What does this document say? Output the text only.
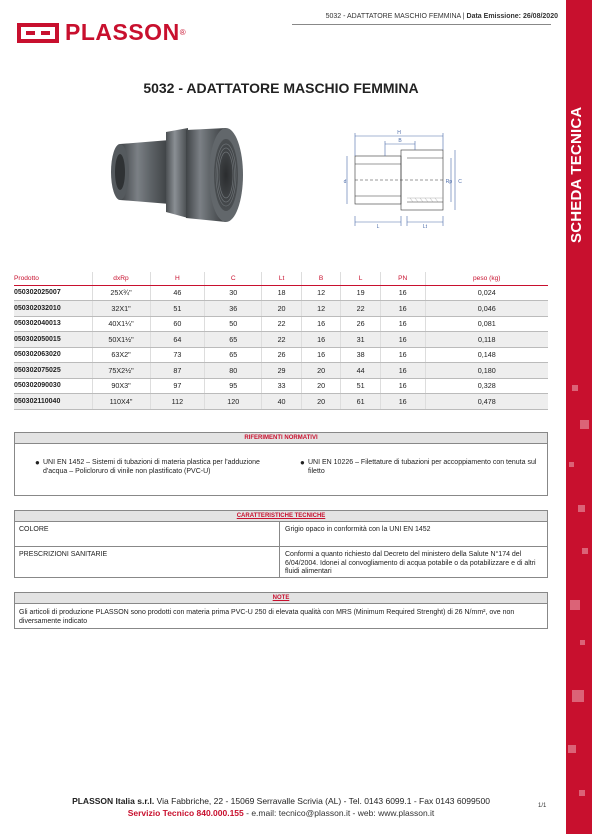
SCHEDA TECNICA
PLASSON ®
5032 - ADATTATORE MASCHIO FEMMINA | Data Emissione: 26/08/2020
5032 - ADATTATORE MASCHIO FEMMINA
H
B
d	Rp C
L	Lt
Prodotto	dxRp	H	C	Lt	B	L	PN	peso (kg)
050302025007	25X¾"	46	30	18	12	19	16	0,024
050302032010	32X1"	51	36	20	12	22	16	0,046
050302040013	40X1¼"	60	50	22	16	26	16	0,081
050302050015	50X1½"	64	65	22	16	31	16	0,118
050302063020	63X2"	73	65	26	16	38	16	0,148
050302075025	75X2½"	87	80	29	20	44	16	0,180
050302090030	90X3"	97	95	33	20	51	16	0,328
050302110040	110X4"	112	120	40	20	61	16	0,478
RIFERIMENTI NORMATIVI
● UNI EN 1452 – Sistemi di tubazioni di materia plastica per l'adduzione d'acqua – Policloruro di vinile non plastificato (PVC-U)
● UNI EN 10226 – Filettature di tubazioni per accoppiamento con tenuta sul filetto
CARATTERISTICHE TECNICHE
COLORE	Grigio opaco in conformità con la UNI EN 1452
PRESCRIZIONI SANITARIE	Conformi a quanto richiesto dal Decreto del ministero della Salute N°174 del 6/04/2004. Idonei al convogliamento di acqua potabile o da potabilizzare e di altri fluidi alimentari
NOTE
Gli articoli di produzione PLASSON sono prodotti con materia prima PVC-U 250 di elevata qualità con MRS (Minimum Required Strenght) di 26 N/mm², ove non diversamente indicato
PLASSON Italia s.r.l. Via Fabbriche, 22 - 15069 Serravalle Scrivia (AL) - Tel. 0143 6099.1 - Fax 0143 6099500
Servizio Tecnico 840.000.155 - e.mail: tecnico@plasson.it - web: www.plasson.it
1/1
